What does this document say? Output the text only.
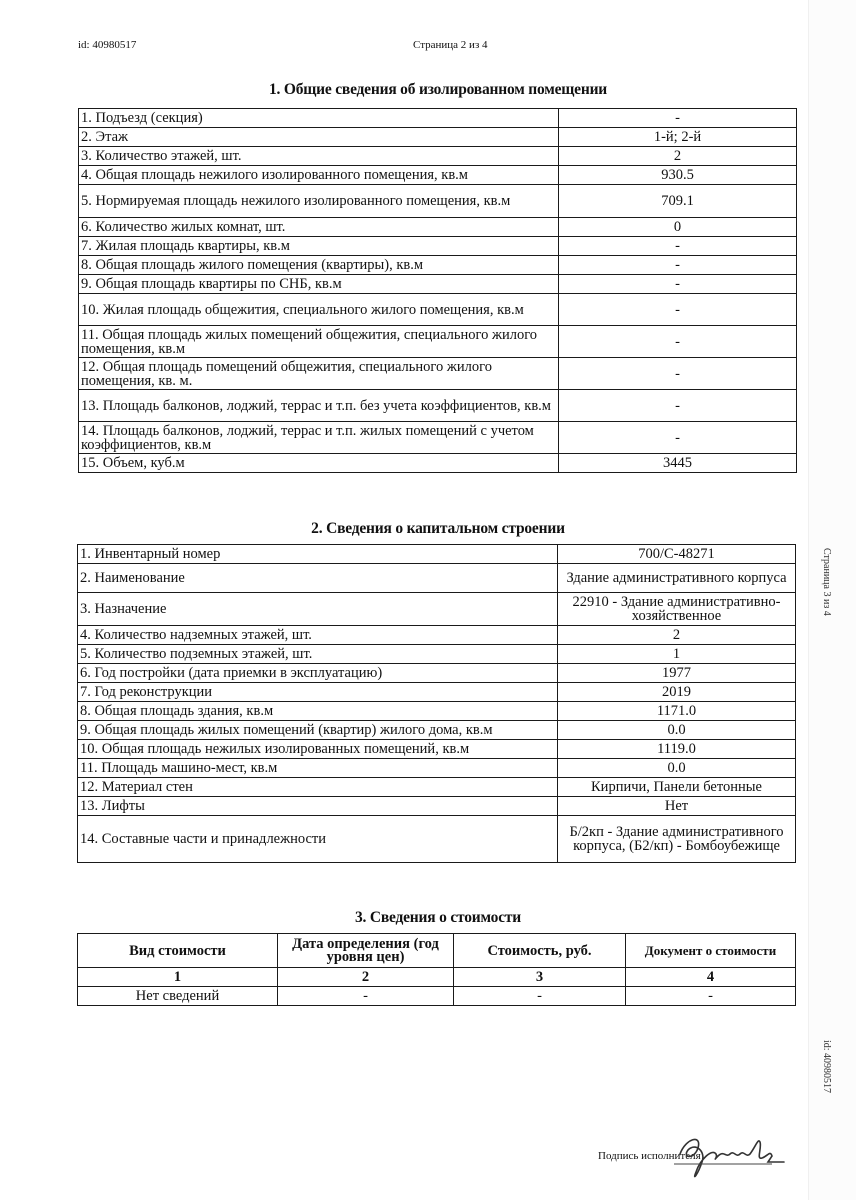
Страница 3 из 4
id: 40980517
id: 40980517	Страница 2 из 4
1. Общие сведения об изолированном помещении
1. Подъезд (секция)	-
2. Этаж	1-й; 2-й
3. Количество этажей, шт.	2
4. Общая площадь нежилого изолированного помещения, кв.м	930.5
5. Нормируемая площадь нежилого изолированного помещения, кв.м	709.1
6. Количество жилых комнат, шт.	0
7. Жилая площадь квартиры, кв.м	-
8. Общая площадь жилого помещения (квартиры), кв.м	-
9. Общая площадь квартиры по СНБ, кв.м	-
10. Жилая площадь общежития, специального жилого помещения, кв.м	-
11. Общая площадь жилых помещений общежития, специального жилого помещения, кв.м	-
12. Общая площадь помещений общежития, специального жилого помещения, кв. м.	-
13. Площадь балконов, лоджий, террас и т.п. без учета коэффициентов, кв.м	-
14. Площадь балконов, лоджий, террас и т.п. жилых помещений с учетом коэффициентов, кв.м	-
15. Объем, куб.м	3445
2. Сведения о капитальном строении
1. Инвентарный номер	700/С-48271
2. Наименование	Здание административного корпуса
3. Назначение	22910 - Здание административно-хозяйственное
4. Количество надземных этажей, шт.	2
5. Количество подземных этажей, шт.	1
6. Год постройки (дата приемки в эксплуатацию)	1977
7. Год реконструкции	2019
8. Общая площадь здания, кв.м	1171.0
9. Общая площадь жилых помещений (квартир) жилого дома, кв.м	0.0
10. Общая площадь нежилых изолированных помещений, кв.м	1119.0
11. Площадь машино-мест, кв.м	0.0
12. Материал стен	Кирпичи, Панели бетонные
13. Лифты	Нет
14. Составные части и принадлежности	Б/2кп - Здание административного корпуса, (Б2/кп) - Бомбоубежище
3. Сведения о стоимости
Вид стоимости	Дата определения (год уровня цен)	Стоимость, руб.	Документ о стоимости
1	2	3	4
Нет сведений	-	-	-
Подпись исполнителя
